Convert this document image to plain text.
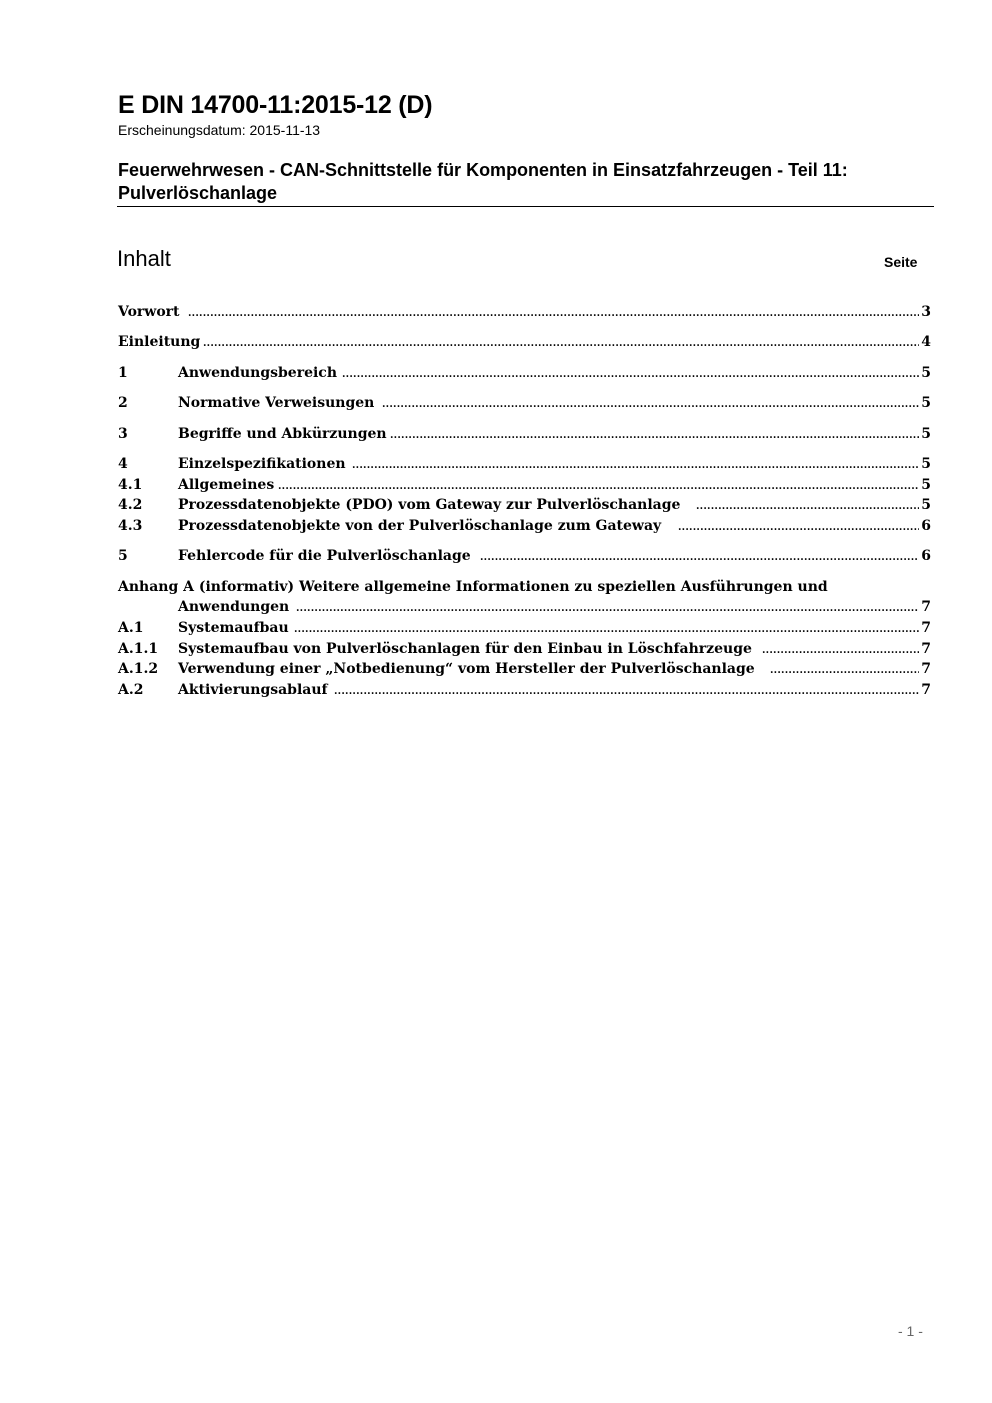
E DIN 14700-11:2015-12 (D)
Erscheinungsdatum: 2015-11-13
Feuerwehrwesen - CAN-Schnittstelle für Komponenten in Einsatzfahrzeugen - Teil 11: Pulverlöschanlage
Inhalt	Seite
.....
Vorwort	3
.....
Einleitung	4
.....
1	Anwendungsbereich	5
.....
2	Normative Verweisungen	5
.....
3	Begriffe und Abkürzungen	5
.....
4	Einzelspezifikationen	5
.....
4.1	Allgemeines	5
.....
4.2	Prozessdatenobjekte (PDO) vom Gateway zur Pulverlöschanlage	5
.....
4.3	Prozessdatenobjekte von der Pulverlöschanlage zum Gateway	6
.....
5	Fehlercode für die Pulverlöschanlage	6
Anhang A (informativ) Weitere allgemeine Informationen zu speziellen Ausführungen und
.....
Anwendungen	7
.....
A.1 Systemaufbau	7
.....
A.1.1 Systemaufbau von Pulverlöschanlagen für den Einbau in Löschfahrzeuge	7
.....
A.1.2 Verwendung einer „Notbedienung“ vom Hersteller der Pulverlöschanlage	7
.....
A.2 Aktivierungsablauf	7
- 1 -
